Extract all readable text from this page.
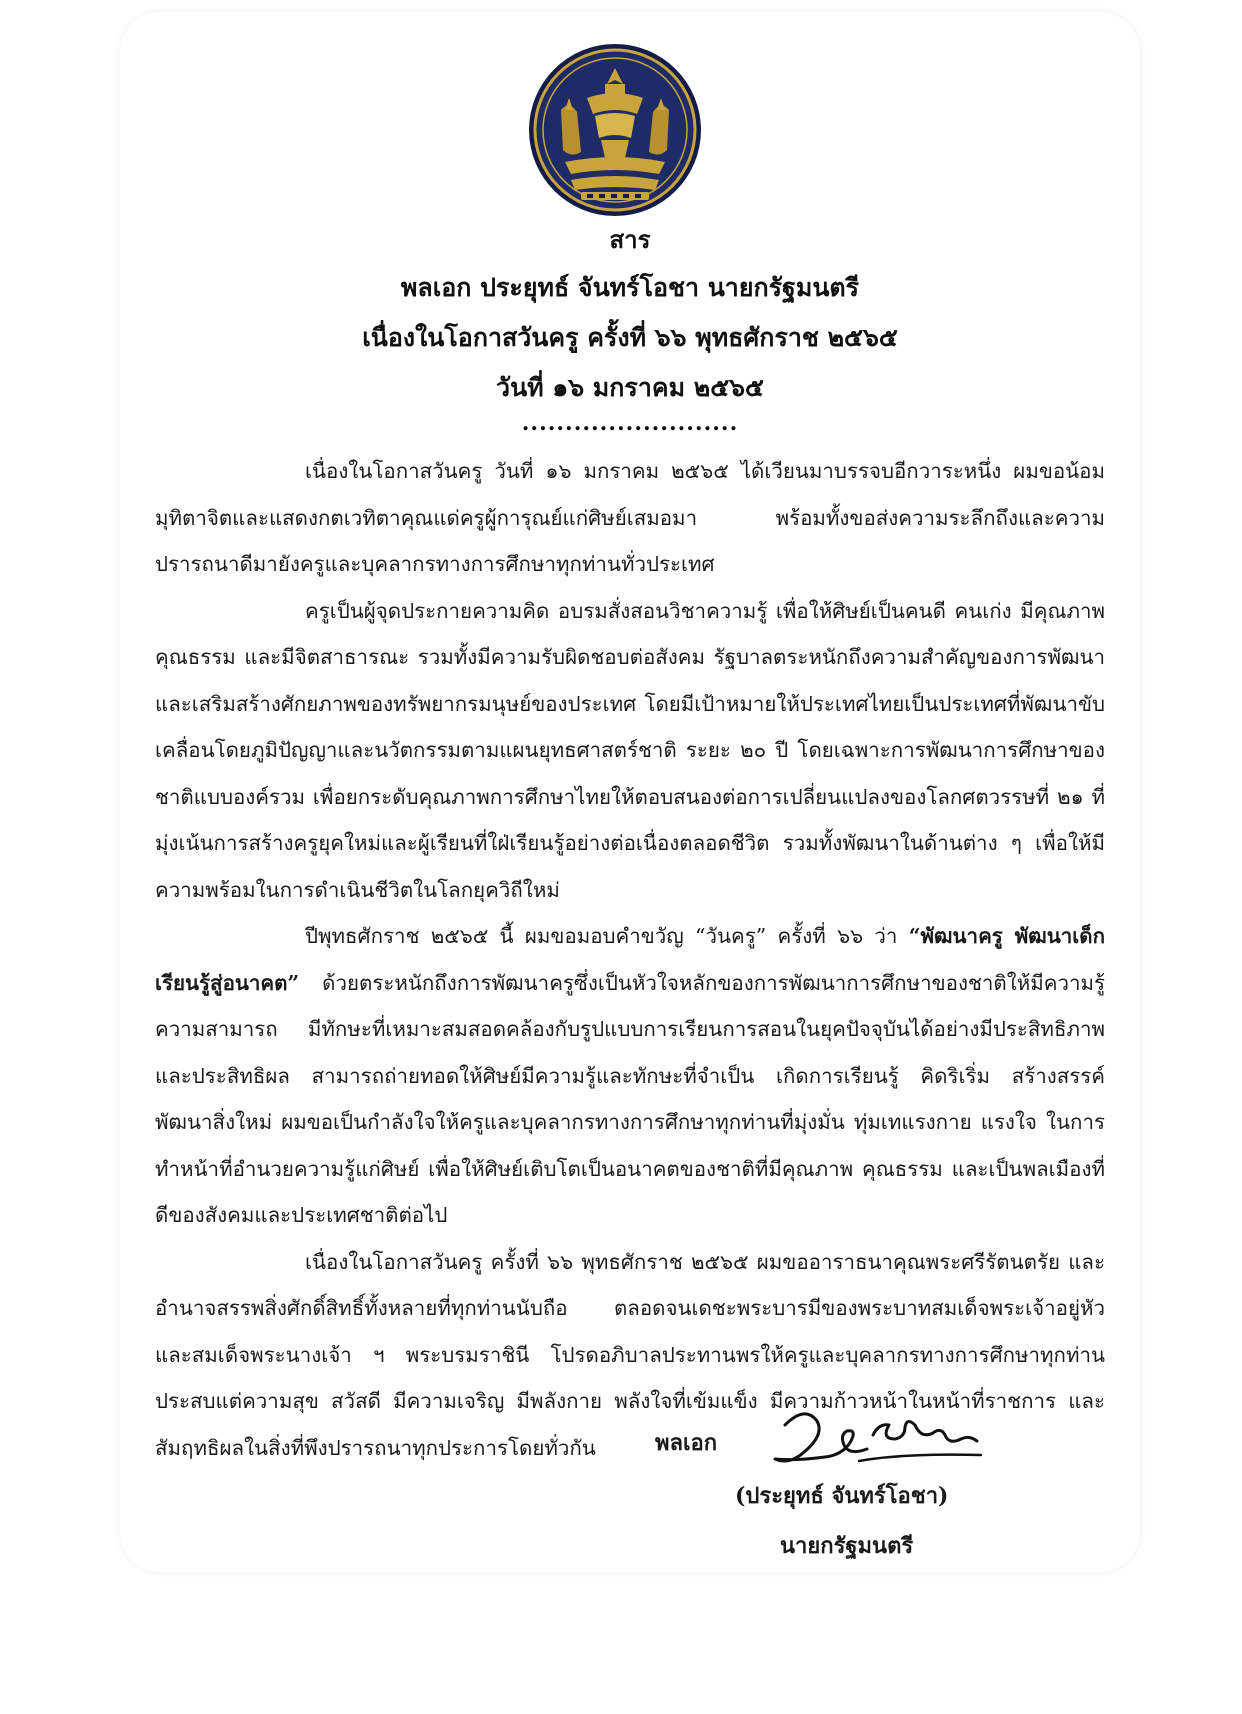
สาร
พลเอก ประยุทธ์ จันทร์โอชา นายกรัฐมนตรี
เนื่องในโอกาสวันครู ครั้งที่ ๖๖ พุทธศักราช ๒๕๖๕
วันที่ ๑๖ มกราคม ๒๕๖๕
.........................

เนื่องในโอกาสวันครู วันที่ ๑๖ มกราคม ๒๕๖๕ ได้เวียนมาบรรจบอีกวาระหนึ่ง ผมขอน้อมมุทิตาจิตและแสดงกตเวทิตาคุณแด่ครูผู้การุณย์แก่ศิษย์เสมอมา พร้อมทั้งขอส่งความระลึกถึงและความปรารถนาดีมายังครูและบุคลากรทางการศึกษาทุกท่านทั่วประเทศ

ครูเป็นผู้จุดประกายความคิด อบรมสั่งสอนวิชาความรู้ เพื่อให้ศิษย์เป็นคนดี คนเก่ง มีคุณภาพ คุณธรรม และมีจิตสาธารณะ รวมทั้งมีความรับผิดชอบต่อสังคม รัฐบาลตระหนักถึงความสำคัญของการพัฒนาและเสริมสร้างศักยภาพของทรัพยากรมนุษย์ของประเทศ โดยมีเป้าหมายให้ประเทศไทยเป็นประเทศที่พัฒนาขับเคลื่อนโดยภูมิปัญญาและนวัตกรรมตามแผนยุทธศาสตร์ชาติ ระยะ ๒๐ ปี โดยเฉพาะการพัฒนาการศึกษาของชาติแบบองค์รวม เพื่อยกระดับคุณภาพการศึกษาไทยให้ตอบสนองต่อการเปลี่ยนแปลงของโลกศตวรรษที่ ๒๑ ที่มุ่งเน้นการสร้างครูยุคใหม่และผู้เรียนที่ใฝ่เรียนรู้อย่างต่อเนื่องตลอดชีวิต รวมทั้งพัฒนาในด้านต่าง ๆ เพื่อให้มีความพร้อมในการดำเนินชีวิตในโลกยุควิถีใหม่

ปีพุทธศักราช ๒๕๖๕ นี้ ผมขอมอบคำขวัญ “วันครู” ครั้งที่ ๖๖ ว่า “พัฒนาครู พัฒนาเด็ก เรียนรู้สู่อนาคต” ด้วยตระหนักถึงการพัฒนาครูซึ่งเป็นหัวใจหลักของการพัฒนาการศึกษาของชาติให้มีความรู้ความสามารถ มีทักษะที่เหมาะสมสอดคล้องกับรูปแบบการเรียนการสอนในยุคปัจจุบันได้อย่างมีประสิทธิภาพและประสิทธิผล สามารถถ่ายทอดให้ศิษย์มีความรู้และทักษะที่จำเป็น เกิดการเรียนรู้ คิดริเริ่ม สร้างสรรค์ พัฒนาสิ่งใหม่ ผมขอเป็นกำลังใจให้ครูและบุคลากรทางการศึกษาทุกท่านที่มุ่งมั่น ทุ่มเทแรงกาย แรงใจ ในการทำหน้าที่อำนวยความรู้แก่ศิษย์ เพื่อให้ศิษย์เติบโตเป็นอนาคตของชาติที่มีคุณภาพ คุณธรรม และเป็นพลเมืองที่ดีของสังคมและประเทศชาติต่อไป

เนื่องในโอกาสวันครู ครั้งที่ ๖๖ พุทธศักราช ๒๕๖๕ ผมขออาราธนาคุณพระศรีรัตนตรัย และอำนาจสรรพสิ่งศักดิ์สิทธิ์ทั้งหลายที่ทุกท่านนับถือ ตลอดจนเดชะพระบารมีของพระบาทสมเด็จพระเจ้าอยู่หัว และสมเด็จพระนางเจ้า ฯ พระบรมราชินี โปรดอภิบาลประทานพรให้ครูและบุคลากรทางการศึกษาทุกท่าน ประสบแต่ความสุข สวัสดี มีความเจริญ มีพลังกาย พลังใจที่เข้มแข็ง มีความก้าวหน้าในหน้าที่ราชการ และสัมฤทธิผลในสิ่งที่พึงปรารถนาทุกประการโดยทั่วกัน	พลเอก
(ประยุทธ์ จันทร์โอชา)
นายกรัฐมนตรี
